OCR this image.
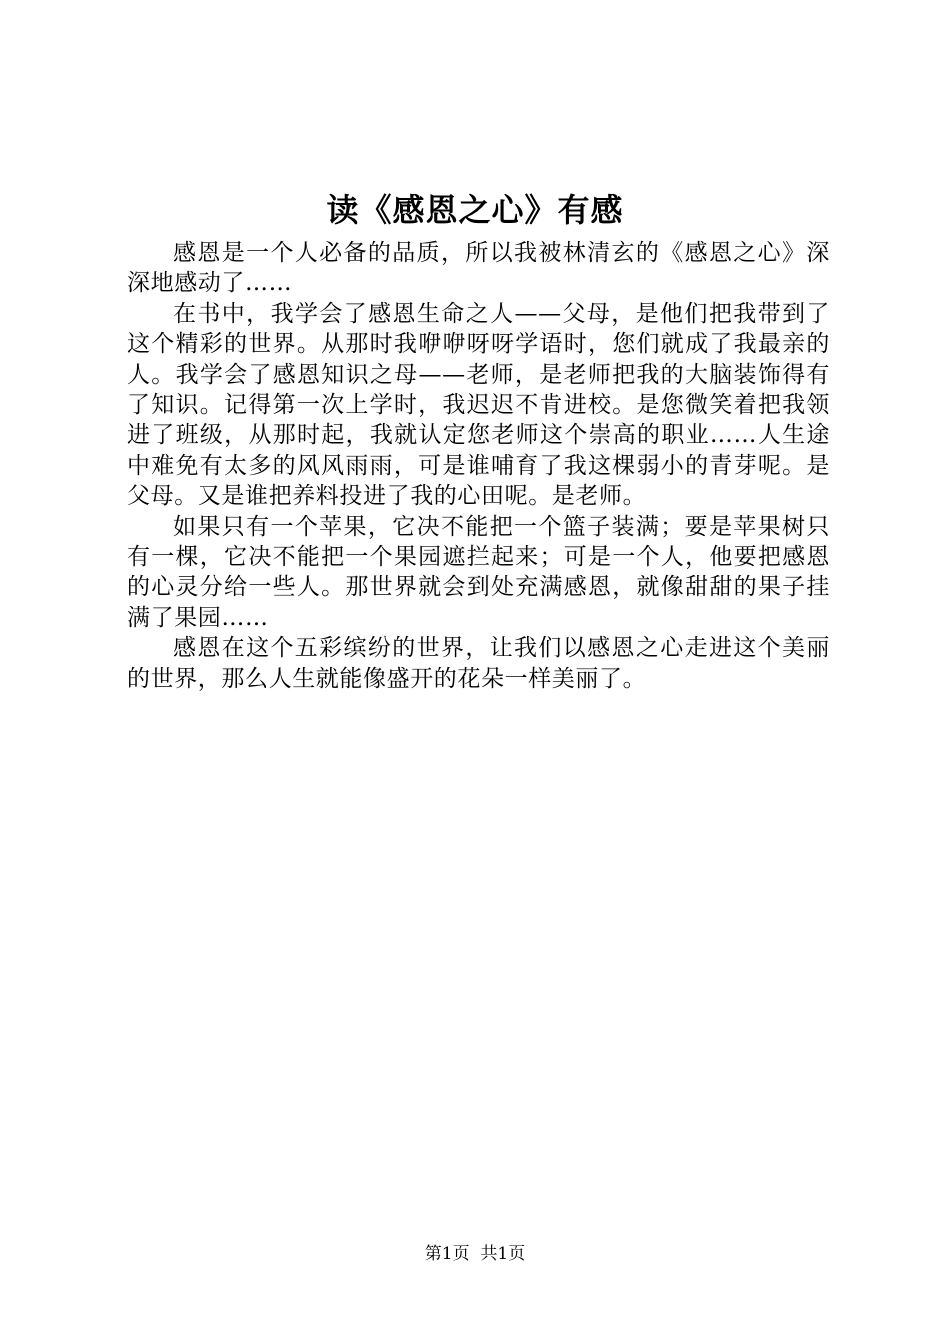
读《感恩之心》有感

感恩是一个人必备的品质，所以我被林清玄的《感恩之心》深深地感动了……

在书中，我学会了感恩生命之人——父母，是他们把我带到了这个精彩的世界。从那时我咿咿呀呀学语时，您们就成了我最亲的人。我学会了感恩知识之母——老师，是老师把我的大脑装饰得有了知识。记得第一次上学时，我迟迟不肯进校。是您微笑着把我领进了班级，从那时起，我就认定您老师这个崇高的职业……人生途中难免有太多的风风雨雨，可是谁哺育了我这棵弱小的青芽呢。是父母。又是谁把养料投进了我的心田呢。是老师。

如果只有一个苹果，它决不能把一个篮子装满；要是苹果树只有一棵，它决不能把一个果园遮拦起来；可是一个人，他要把感恩的心灵分给一些人。那世界就会到处充满感恩，就像甜甜的果子挂满了果园……

感恩在这个五彩缤纷的世界，让我们以感恩之心走进这个美丽的世界，那么人生就能像盛开的花朵一样美丽了。

第1页  共1页
